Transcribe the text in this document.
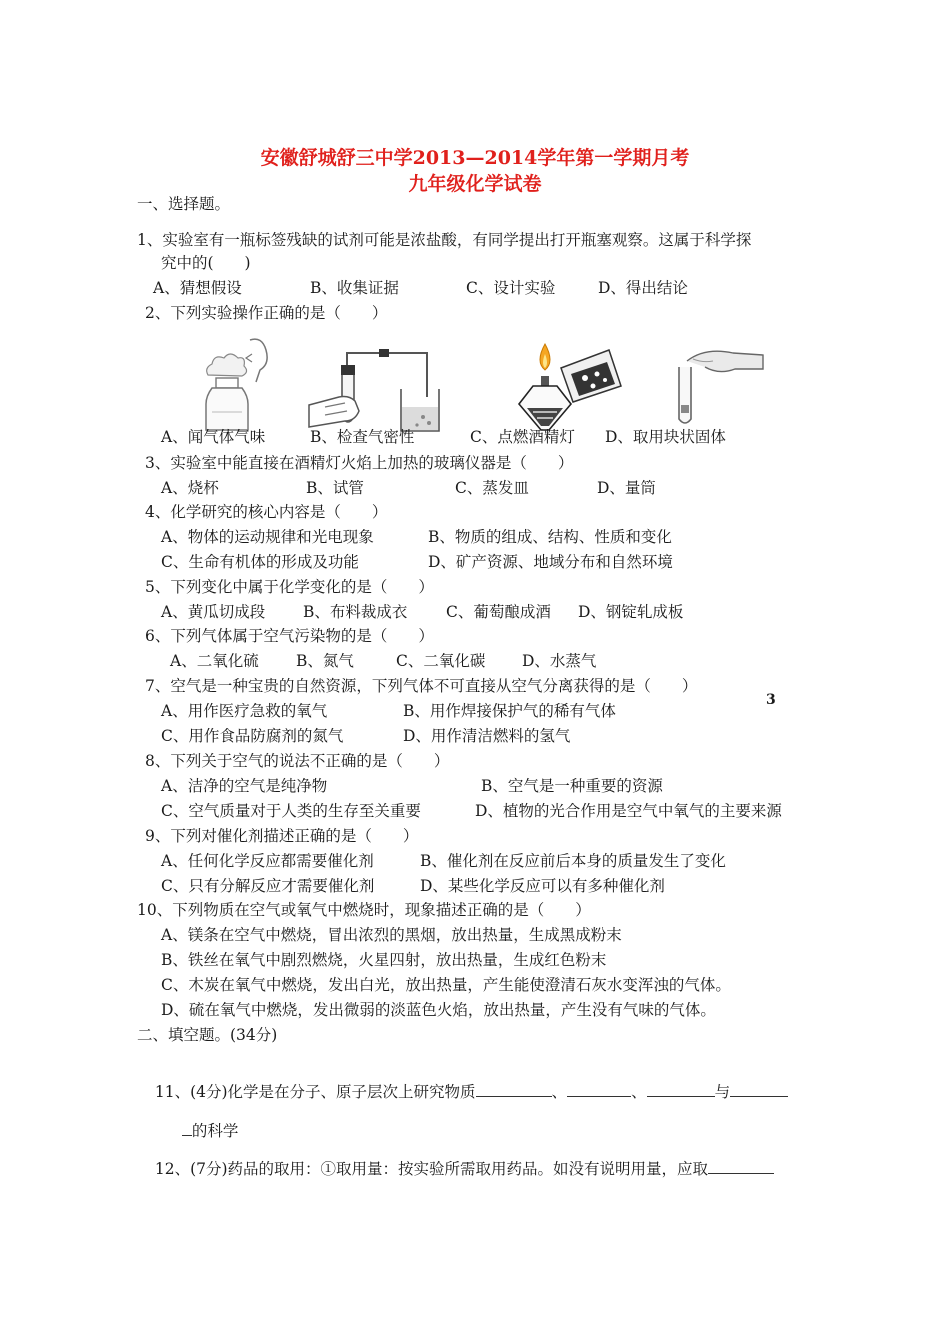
安徽舒城舒三中学2013—2014学年第一学期月考
九年级化学试卷
一、选择题。
1、实验室有一瓶标签残缺的试剂可能是浓盐酸，有同学提出打开瓶塞观察。这属于科学探
究中的(　　)
A、猜想假设	B、收集证据	C、设计实验	D、得出结论
2、下列实验操作正确的是（　　）
A、闻气体气味	B、检查气密性	C、点燃酒精灯 D、取用块状固体
3、实验室中能直接在酒精灯火焰上加热的玻璃仪器是（　　）
A、烧杯	B、试管	C、蒸发皿	D、量筒
4、化学研究的核心内容是（　　）
A、物体的运动规律和光电现象	B、物质的组成、结构、性质和变化
C、生命有机体的形成及功能	D、矿产资源、地域分布和自然环境
5、下列变化中属于化学变化的是（　　）
A、黄瓜切成段 B、布料裁成衣 C、葡萄酿成酒 D、钢锭轧成板
6、下列气体属于空气污染物的是（　　）
A、二氧化硫 B、氮气	C、二氧化碳 D、水蒸气
7、空气是一种宝贵的自然资源，下列气体不可直接从空气分离获得的是（　　）
3
A、用作医疗急救的氧气	B、用作焊接保护气的稀有气体
C、用作食品防腐剂的氮气	D、用作清洁燃料的氢气
8、下列关于空气的说法不正确的是（　　）
A、洁净的空气是纯净物	B、空气是一种重要的资源
C、空气质量对于人类的生存至关重要	D、植物的光合作用是空气中氧气的主要来源
9、下列对催化剂描述正确的是（　　）
A、任何化学反应都需要催化剂	B、催化剂在反应前后本身的质量发生了变化
C、只有分解反应才需要催化剂	D、某些化学反应可以有多种催化剂
10、下列物质在空气或氧气中燃烧时，现象描述正确的是（　　）
A、镁条在空气中燃烧，冒出浓烈的黑烟，放出热量，生成黑成粉末
B、铁丝在氧气中剧烈燃烧，火星四射，放出热量，生成红色粉末
C、木炭在氧气中燃烧，发出白光，放出热量，产生能使澄清石灰水变浑浊的气体。
D、硫在氧气中燃烧，发出微弱的淡蓝色火焰，放出热量，产生没有气味的气体。
二、填空题。(34分)

11、(4分)化学是在分子、原子层次上研究物质	、	、	与

的科学

12、(7分)药品的取用：①取用量：按实验所需取用药品。如没有说明用量，应取
